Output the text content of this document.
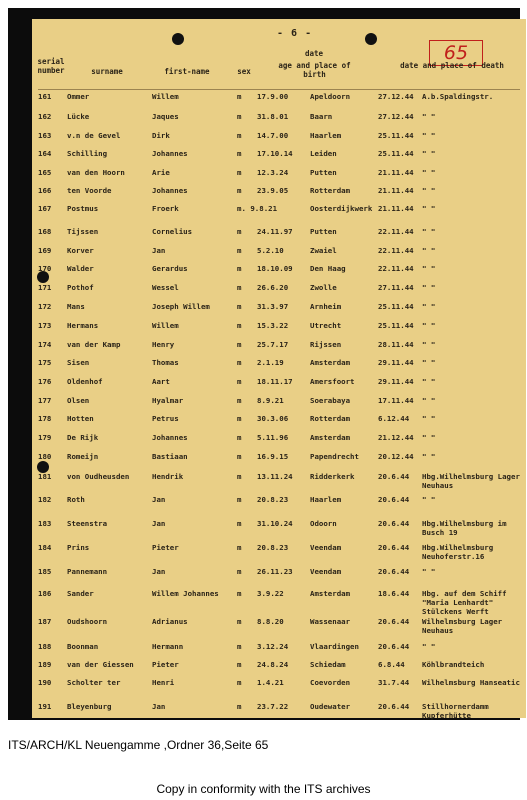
- 6 -
65
serial number	surname	first-name	sex
date
age and place of birth
date and place of death
161 Ommer	Willem	m 17.9.00	Apeldoorn	27.12.44 A.b.Spaldingstr.
162 Lücke	Jaques	m 31.8.01	Baarn	27.12.44 " "
163 v.n de Gevel	Dirk	m 14.7.00	Haarlem	25.11.44 " "
164 Schilling	Johannes	m 17.10.14 Leiden	25.11.44 " "
165 van den Hoorn	Arie	m 12.3.24	Putten	21.11.44 " "
166 ten Voorde	Johannes	m 23.9.05	Rotterdam	21.11.44 " "
167 Postmus	Froerk	m. 9.8.21	Oosterdijkwerk 21.11.44 " "
168 Tijssen	Cornelius	m 24.11.97 Putten	22.11.44 " "
169 Korver	Jan	m 5.2.10	Zwaiel	22.11.44 " "
170 Walder	Gerardus	m 18.10.09 Den Haag	22.11.44 " "
171 Pothof	Wessel	m 26.6.20	Zwolle	27.11.44 " "
172 Mans	Joseph Willem	m 31.3.97	Arnheim	25.11.44 " "
173 Hermans	Willem	m 15.3.22	Utrecht	25.11.44 " "
174 van der Kamp	Henry	m 25.7.17	Rijssen	28.11.44 " "
175 Sisen	Thomas	m 2.1.19	Amsterdam	29.11.44 " "
176 Oldenhof	Aart	m 18.11.17 Amersfoort	29.11.44 " "
177 Olsen	Hyalmar	m 8.9.21	Soerabaya	17.11.44 " "
178 Hotten	Petrus	m 30.3.06	Rotterdam	6.12.44 " "
179 De Rijk	Johannes	m 5.11.96	Amsterdam	21.12.44 " "
180 Romeijn	Bastiaan	m 16.9.15	Papendrecht	20.12.44 " "
181 von Oudheusden	Hendrik	m 13.11.24 Ridderkerk	20.6.44 Hbg.Wilhelmsburg Lager Neuhaus
182 Roth	Jan	m 20.8.23	Haarlem	20.6.44 " "
183 Steenstra	Jan	m 31.10.24 Odoorn	20.6.44 Hbg.Wilhelmsburg im Busch 19
184 Prins	Pieter	m 20.8.23	Veendam	20.6.44 Hbg.Wilhelmsburg Neuhoferstr.16
185 Pannemann	Jan	m 26.11.23 Veendam	20.6.44 " "
186 Sander	Willem Johannes m 3.9.22	Amsterdam	18.6.44 Hbg. auf dem Schiff "Maria Lenhardt" Stülckens Werft
187 Oudshoorn	Adrianus	m 8.8.20	Wassenaar	20.6.44 Wilhelmsburg Lager Neuhaus
188 Boonman	Hermann	m 3.12.24	Vlaardingen	20.6.44 " "
189 van der Giessen Pieter	m 24.8.24	Schiedam	6.8.44 Köhlbrandteich
190 Scholter ter	Henri	m 1.4.21	Coevorden	31.7.44 Wilhelmsburg Hanseatic
191 Bleyenburg	Jan	m 23.7.22	Oudewater	20.6.44 Stillhornerdamm Kupferhütte
ITS/ARCH/KL Neuengamme ,Ordner 36,Seite 65
Copy in conformity with the ITS archives
